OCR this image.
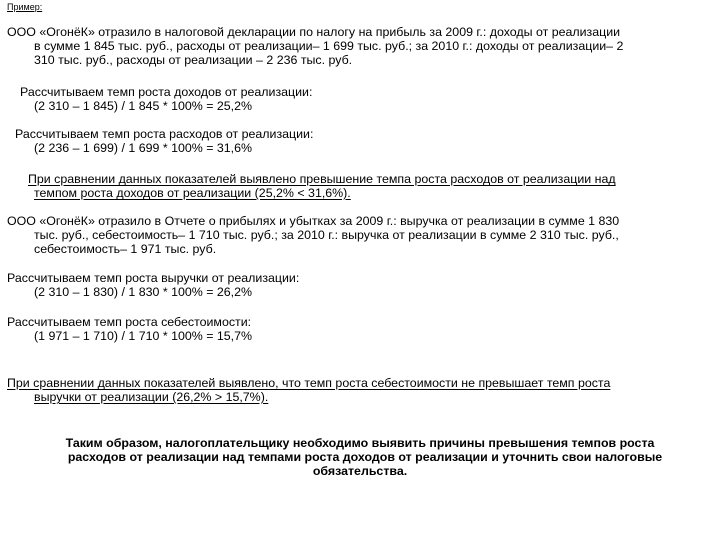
Пример:
ООО «ОгонёК» отразило в налоговой декларации по налогу на прибыль за 2009 г.: доходы от реализации
в сумме 1 845 тыс. руб., расходы от реализации– 1 699 тыс. руб.; за 2010 г.: доходы от реализации– 2
310 тыс. руб., расходы от реализации – 2 236 тыс. руб.
Рассчитываем темп роста доходов от реализации:
(2 310 – 1 845) / 1 845 * 100% = 25,2%
Рассчитываем темп роста расходов от реализации:
(2 236 – 1 699) / 1 699 * 100% = 31,6%
При сравнении данных показателей выявлено превышение темпа роста расходов от реализации над
темпом роста доходов от реализации (25,2% < 31,6%).
ООО «ОгонёК» отразило в Отчете о прибылях и убытках за 2009 г.: выручка от реализации в сумме 1 830
тыс. руб., себестоимость– 1 710 тыс. руб.; за 2010 г.: выручка от реализации в сумме 2 310 тыс. руб.,
себестоимость– 1 971 тыс. руб.
Рассчитываем темп роста выручки от реализации:
(2 310 – 1 830) / 1 830 * 100% = 26,2%
Рассчитываем темп роста себестоимости:
(1 971 – 1 710) / 1 710 * 100% = 15,7%
При сравнении данных показателей выявлено, что темп роста себестоимости не превышает темп роста
выручки от реализации (26,2% > 15,7%).
Таким образом, налогоплательщику необходимо выявить причины превышения темпов роста
расходов от реализации над темпами роста доходов от реализации и уточнить свои налоговые
обязательства.
